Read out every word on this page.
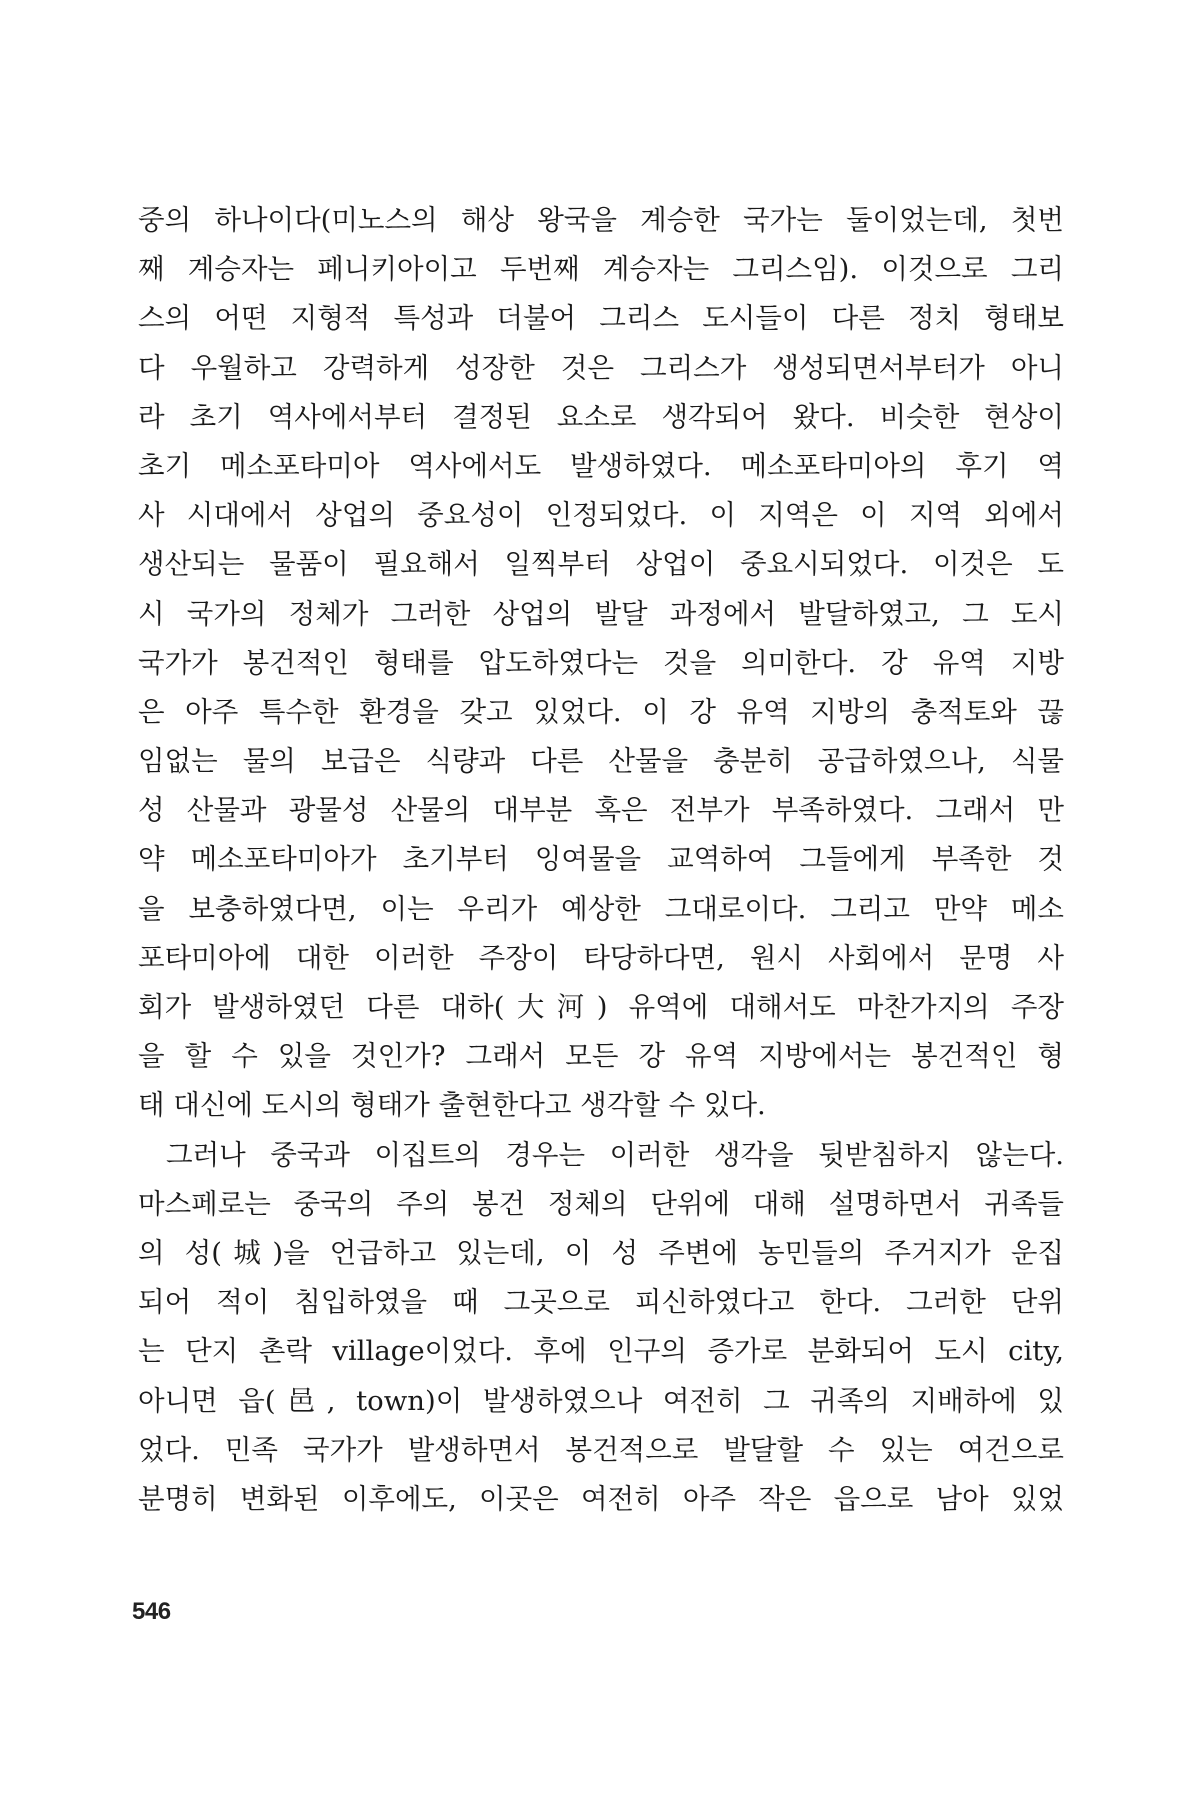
중의 하나이다(미노스의 해상 왕국을 계승한 국가는 둘이었는데, 첫번
째 계승자는 페니키아이고 두번째 계승자는 그리스임). 이것으로 그리
스의 어떤 지형적 특성과 더불어 그리스 도시들이 다른 정치 형태보
다 우월하고 강력하게 성장한 것은 그리스가 생성되면서부터가 아니
라 초기 역사에서부터 결정된 요소로 생각되어 왔다. 비슷한 현상이
초기 메소포타미아 역사에서도 발생하였다. 메소포타미아의 후기 역
사 시대에서 상업의 중요성이 인정되었다. 이 지역은 이 지역 외에서
생산되는 물품이 필요해서 일찍부터 상업이 중요시되었다. 이것은 도
시 국가의 정체가 그러한 상업의 발달 과정에서 발달하였고, 그 도시
국가가 봉건적인 형태를 압도하였다는 것을 의미한다. 강 유역 지방
은 아주 특수한 환경을 갖고 있었다. 이 강 유역 지방의 충적토와 끊
임없는 물의 보급은 식량과 다른 산물을 충분히 공급하였으나, 식물
성 산물과 광물성 산물의 대부분 혹은 전부가 부족하였다. 그래서 만
약 메소포타미아가 초기부터 잉여물을 교역하여 그들에게 부족한 것
을 보충하였다면, 이는 우리가 예상한 그대로이다. 그리고 만약 메소
포타미아에 대한 이러한 주장이 타당하다면, 원시 사회에서 문명 사
회가 발생하였던 다른 대하(大河) 유역에 대해서도 마찬가지의 주장
을 할 수 있을 것인가? 그래서 모든 강 유역 지방에서는 봉건적인 형
태 대신에 도시의 형태가 출현한다고 생각할 수 있다.
그러나 중국과 이집트의 경우는 이러한 생각을 뒷받침하지 않는다.
마스페로는 중국의 주의 봉건 정체의 단위에 대해 설명하면서 귀족들
의 성(城)을 언급하고 있는데, 이 성 주변에 농민들의 주거지가 운집
되어 적이 침입하였을 때 그곳으로 피신하였다고 한다. 그러한 단위
는 단지 촌락 village이었다. 후에 인구의 증가로 분화되어 도시 city,
아니면 읍(邑, town)이 발생하였으나 여전히 그 귀족의 지배하에 있
었다. 민족 국가가 발생하면서 봉건적으로 발달할 수 있는 여건으로
분명히 변화된 이후에도, 이곳은 여전히 아주 작은 읍으로 남아 있었
546
